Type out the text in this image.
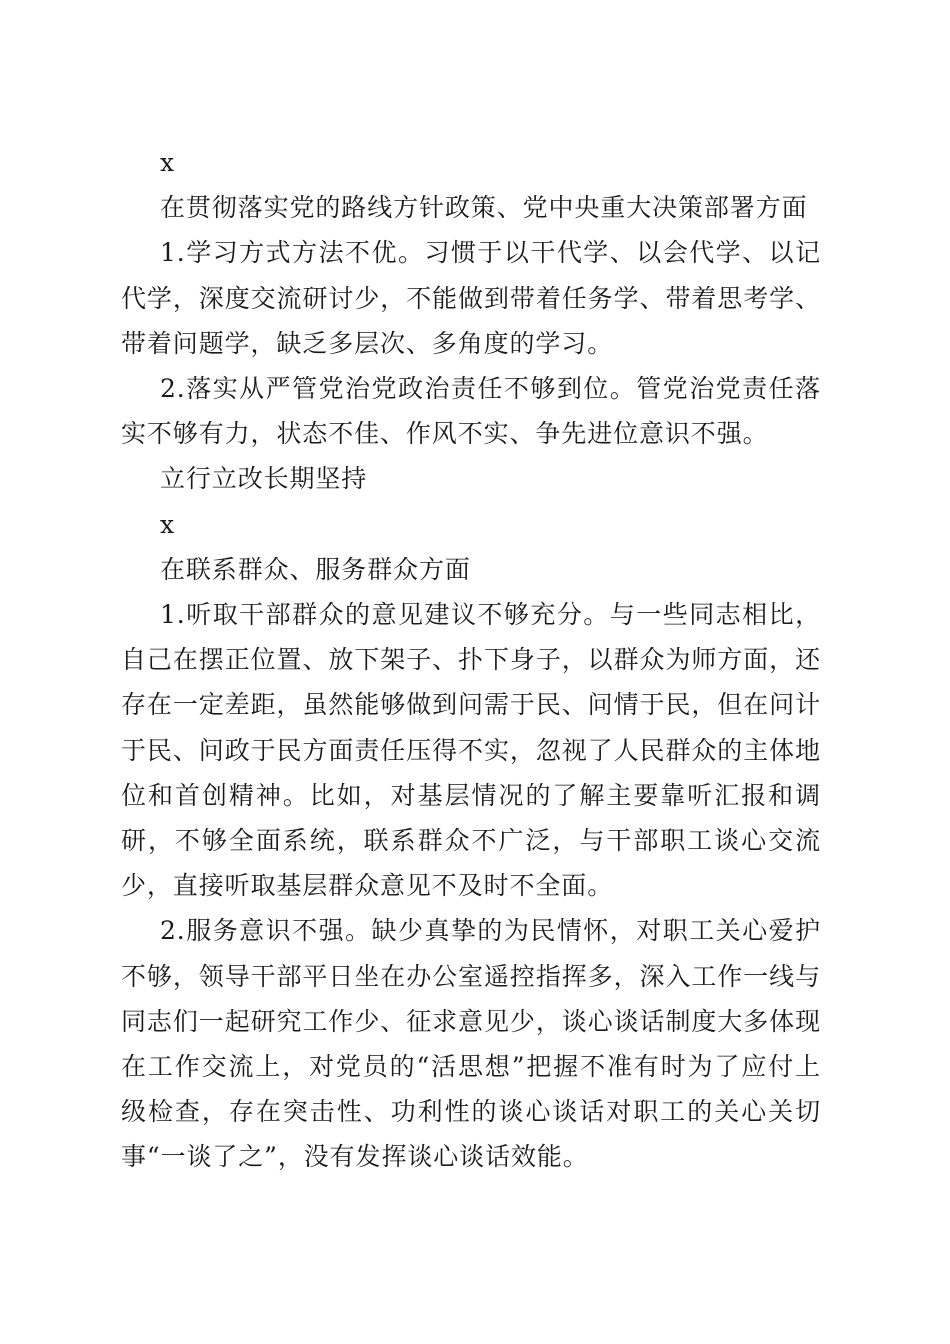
x

在贯彻落实党的路线方针政策、党中央重大决策部署方面

1.学习方式方法不优。习惯于以干代学、以会代学、以记代学，深度交流研讨少，不能做到带着任务学、带着思考学、带着问题学，缺乏多层次、多角度的学习。

2.落实从严管党治党政治责任不够到位。管党治党责任落实不够有力，状态不佳、作风不实、争先进位意识不强。

立行立改长期坚持

x

在联系群众、服务群众方面

1.听取干部群众的意见建议不够充分。与一些同志相比，自己在摆正位置、放下架子、扑下身子，以群众为师方面，还存在一定差距，虽然能够做到问需于民、问情于民，但在问计于民、问政于民方面责任压得不实，忽视了人民群众的主体地位和首创精神。比如，对基层情况的了解主要靠听汇报和调研，不够全面系统，联系群众不广泛，与干部职工谈心交流少，直接听取基层群众意见不及时不全面。

2.服务意识不强。缺少真挚的为民情怀，对职工关心爱护不够，领导干部平日坐在办公室遥控指挥多，深入工作一线与同志们一起研究工作少、征求意见少，谈心谈话制度大多体现在工作交流上，对党员的“活思想”把握不准有时为了应付上级检查，存在突击性、功利性的谈心谈话对职工的关心关切事“一谈了之”，没有发挥谈心谈话效能。
